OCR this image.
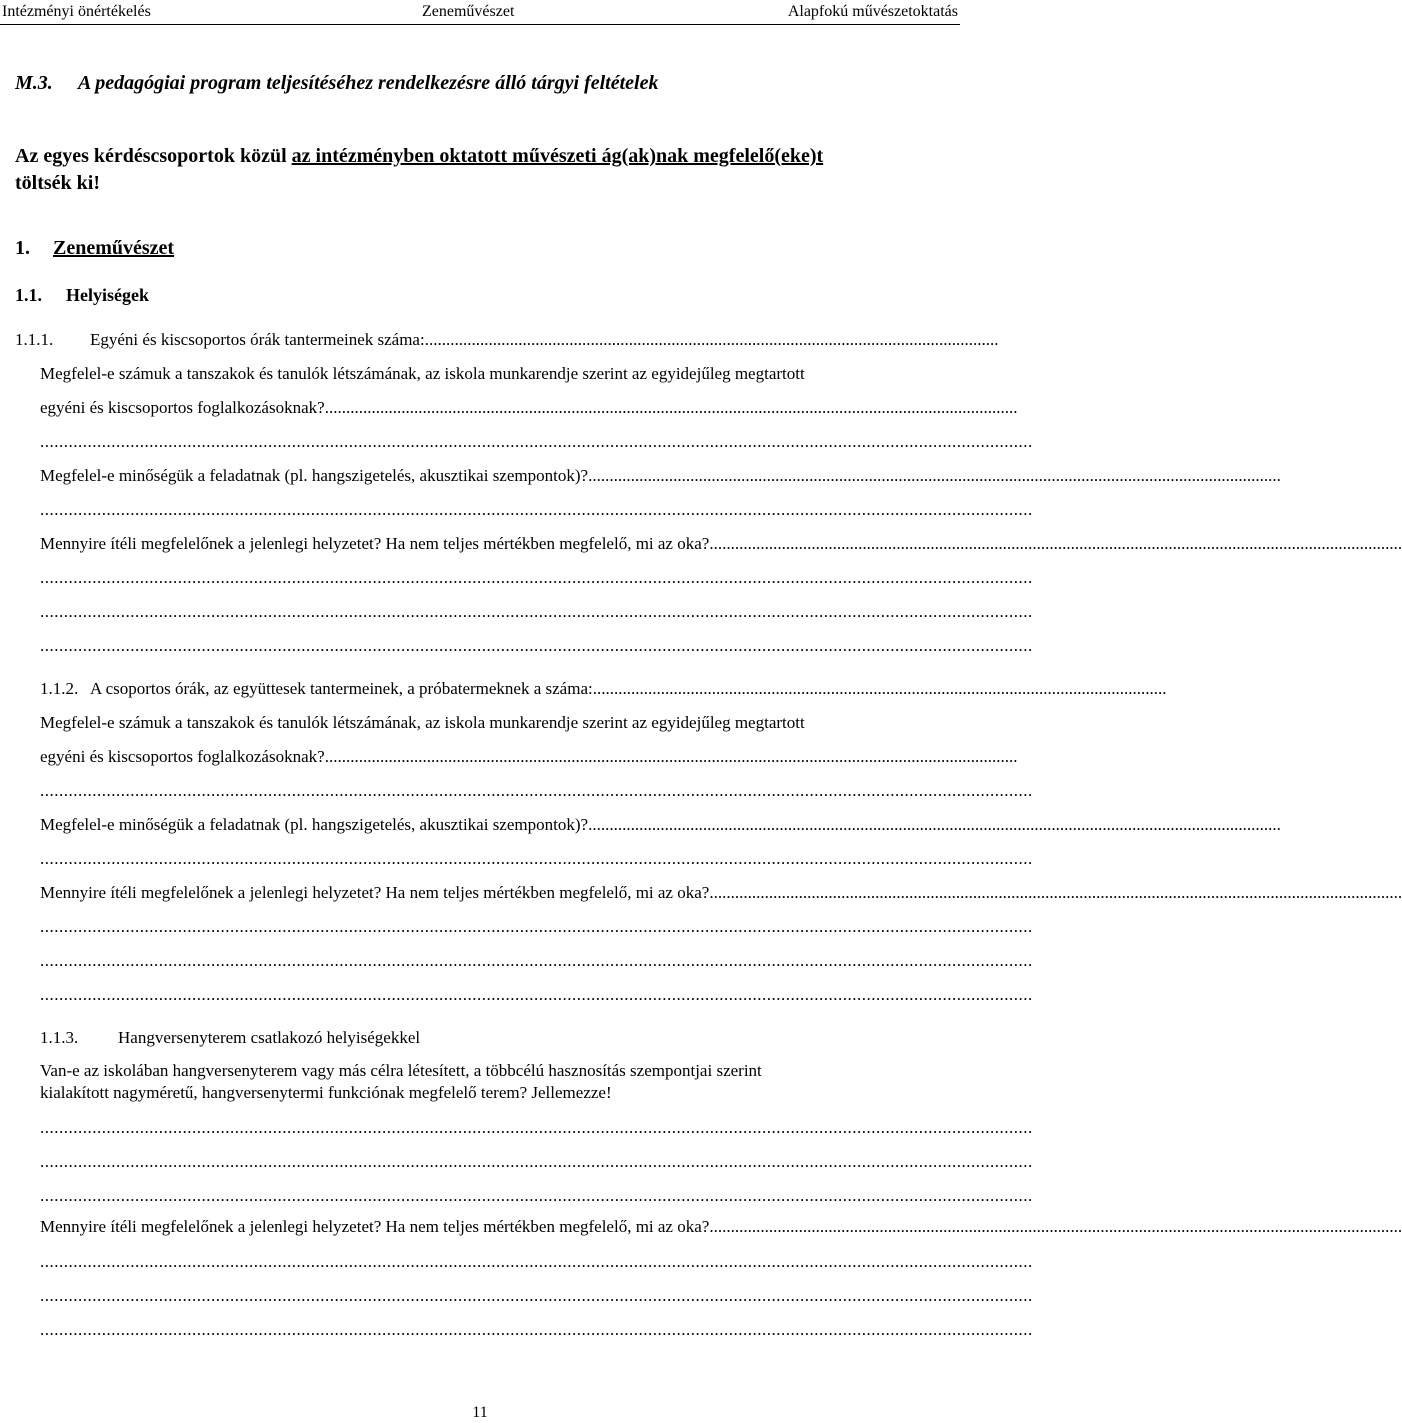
Intézményi önértékelés	Zeneművészet	Alapfokú művészetoktatás
M.3. A pedagógiai program teljesítéséhez rendelkezésre álló tárgyi feltételek
Az egyes kérdéscsoportok közül az intézményben oktatott művészeti ág(ak)nak megfelelő(eke)t
töltsék ki!
1. Zeneművészet
1.1. Helyiségek
1.1.1. Egyéni és kiscsoportos órák tantermeinek száma:.......................................................................................................................................
Megfelel-e számuk a tanszakok és tanulók létszámának, az iskola munkarendje szerint az egyidejűleg megtartott
egyéni és kiscsoportos foglalkozásoknak?...................................................................................................................................................................
.................................................................................................................................................................................................................
Megfelel-e minőségük a feladatnak (pl. hangszigetelés, akusztikai szempontok)?...................................................................................................................................................................
.................................................................................................................................................................................................................
Mennyire ítéli megfelelőnek a jelenlegi helyzetet? Ha nem teljes mértékben megfelelő, mi az oka?...................................................................................................................................................................
.................................................................................................................................................................................................................
.................................................................................................................................................................................................................
.................................................................................................................................................................................................................
1.1.2. A csoportos órák, az együttesek tantermeinek, a próbatermeknek a száma:.......................................................................................................................................
Megfelel-e számuk a tanszakok és tanulók létszámának, az iskola munkarendje szerint az egyidejűleg megtartott
egyéni és kiscsoportos foglalkozásoknak?...................................................................................................................................................................
.................................................................................................................................................................................................................
Megfelel-e minőségük a feladatnak (pl. hangszigetelés, akusztikai szempontok)?...................................................................................................................................................................
.................................................................................................................................................................................................................
Mennyire ítéli megfelelőnek a jelenlegi helyzetet? Ha nem teljes mértékben megfelelő, mi az oka?...................................................................................................................................................................
.................................................................................................................................................................................................................
.................................................................................................................................................................................................................
.................................................................................................................................................................................................................
1.1.3. Hangversenyterem csatlakozó helyiségekkel
Van-e az iskolában hangversenyterem vagy más célra létesített, a többcélú hasznosítás szempontjai szerint
kialakított nagyméretű, hangversenytermi funkciónak megfelelő terem? Jellemezze!
.................................................................................................................................................................................................................
.................................................................................................................................................................................................................
.................................................................................................................................................................................................................
Mennyire ítéli megfelelőnek a jelenlegi helyzetet? Ha nem teljes mértékben megfelelő, mi az oka?...................................................................................................................................................................
.................................................................................................................................................................................................................
.................................................................................................................................................................................................................
.................................................................................................................................................................................................................
11
